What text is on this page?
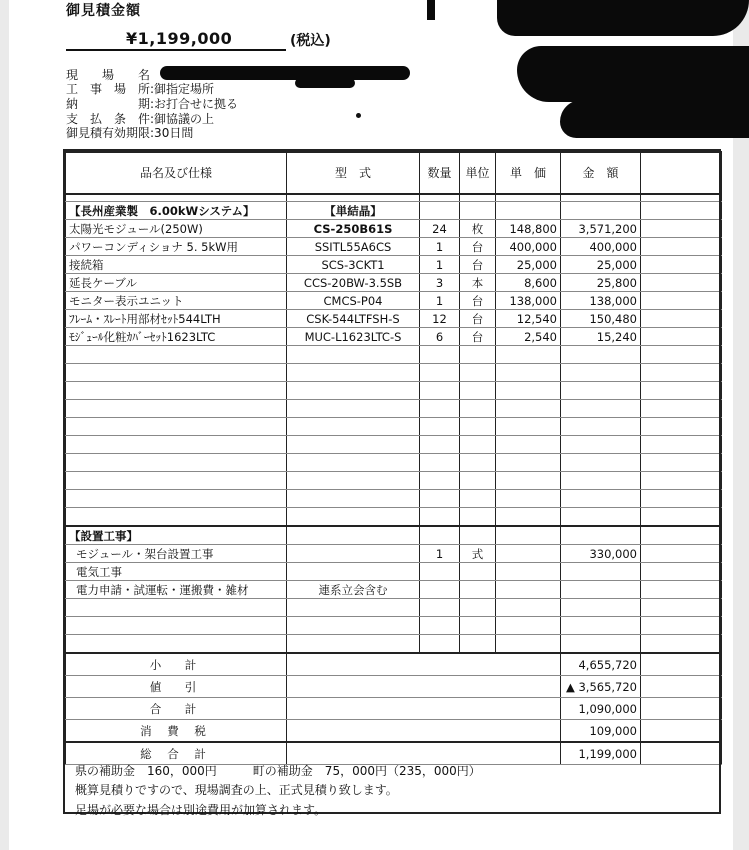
御見積金額
¥1,199,000	(税込)
現　　場　　名
工　事　場　所:御指定場所
納　　　　　期:お打合せに拠る
支　払　条　件:御協議の上
御見積有効期限:30日間
品名及び仕様	型　式	数量	単位	単　価	金　額	

【長州産業製　6.00kWシステム】	【単結晶】					
太陽光モジュール(250W)	CS-250B61S	24	枚	148,800	3,571,200	
パワーコンディショナ 5. 5kW用	SSITL55A6CS	1	台	400,000	400,000	
接続箱	SCS-3CKT1	1	台	25,000	25,000	
延長ケーブル	CCS-20BW-3.5SB	3	本	8,600	25,800	
モニター表示ユニット	CMCS-P04	1	台	138,000	138,000	
ﾌﾚｰﾑ・ｽﾚｰﾄ用部材ｾｯﾄ544LTH	CSK-544LTFSH-S	12	台	12,540	150,480	
ﾓｼﾞｭｰﾙ化粧ｶﾊﾞｰｾｯﾄ1623LTC	MUC-L1623LTC-S	6	台	2,540	15,240	

【設置工事】						
モジュール・架台設置工事		1	式		330,000	
電気工事						
電力申請・試運転・運搬費・雑材	連系立会含む					

小　計					4,655,720	
値　引					▲ 3,565,720	
合　計					1,090,000	
消 費 税					109,000	
総 合 計					1,199,000	
県の補助金　160，000円　　　町の補助金　75，000円（235，000円）
概算見積りですので、現場調査の上、正式見積り致します。
足場が必要な場合は別途費用が加算されます。
